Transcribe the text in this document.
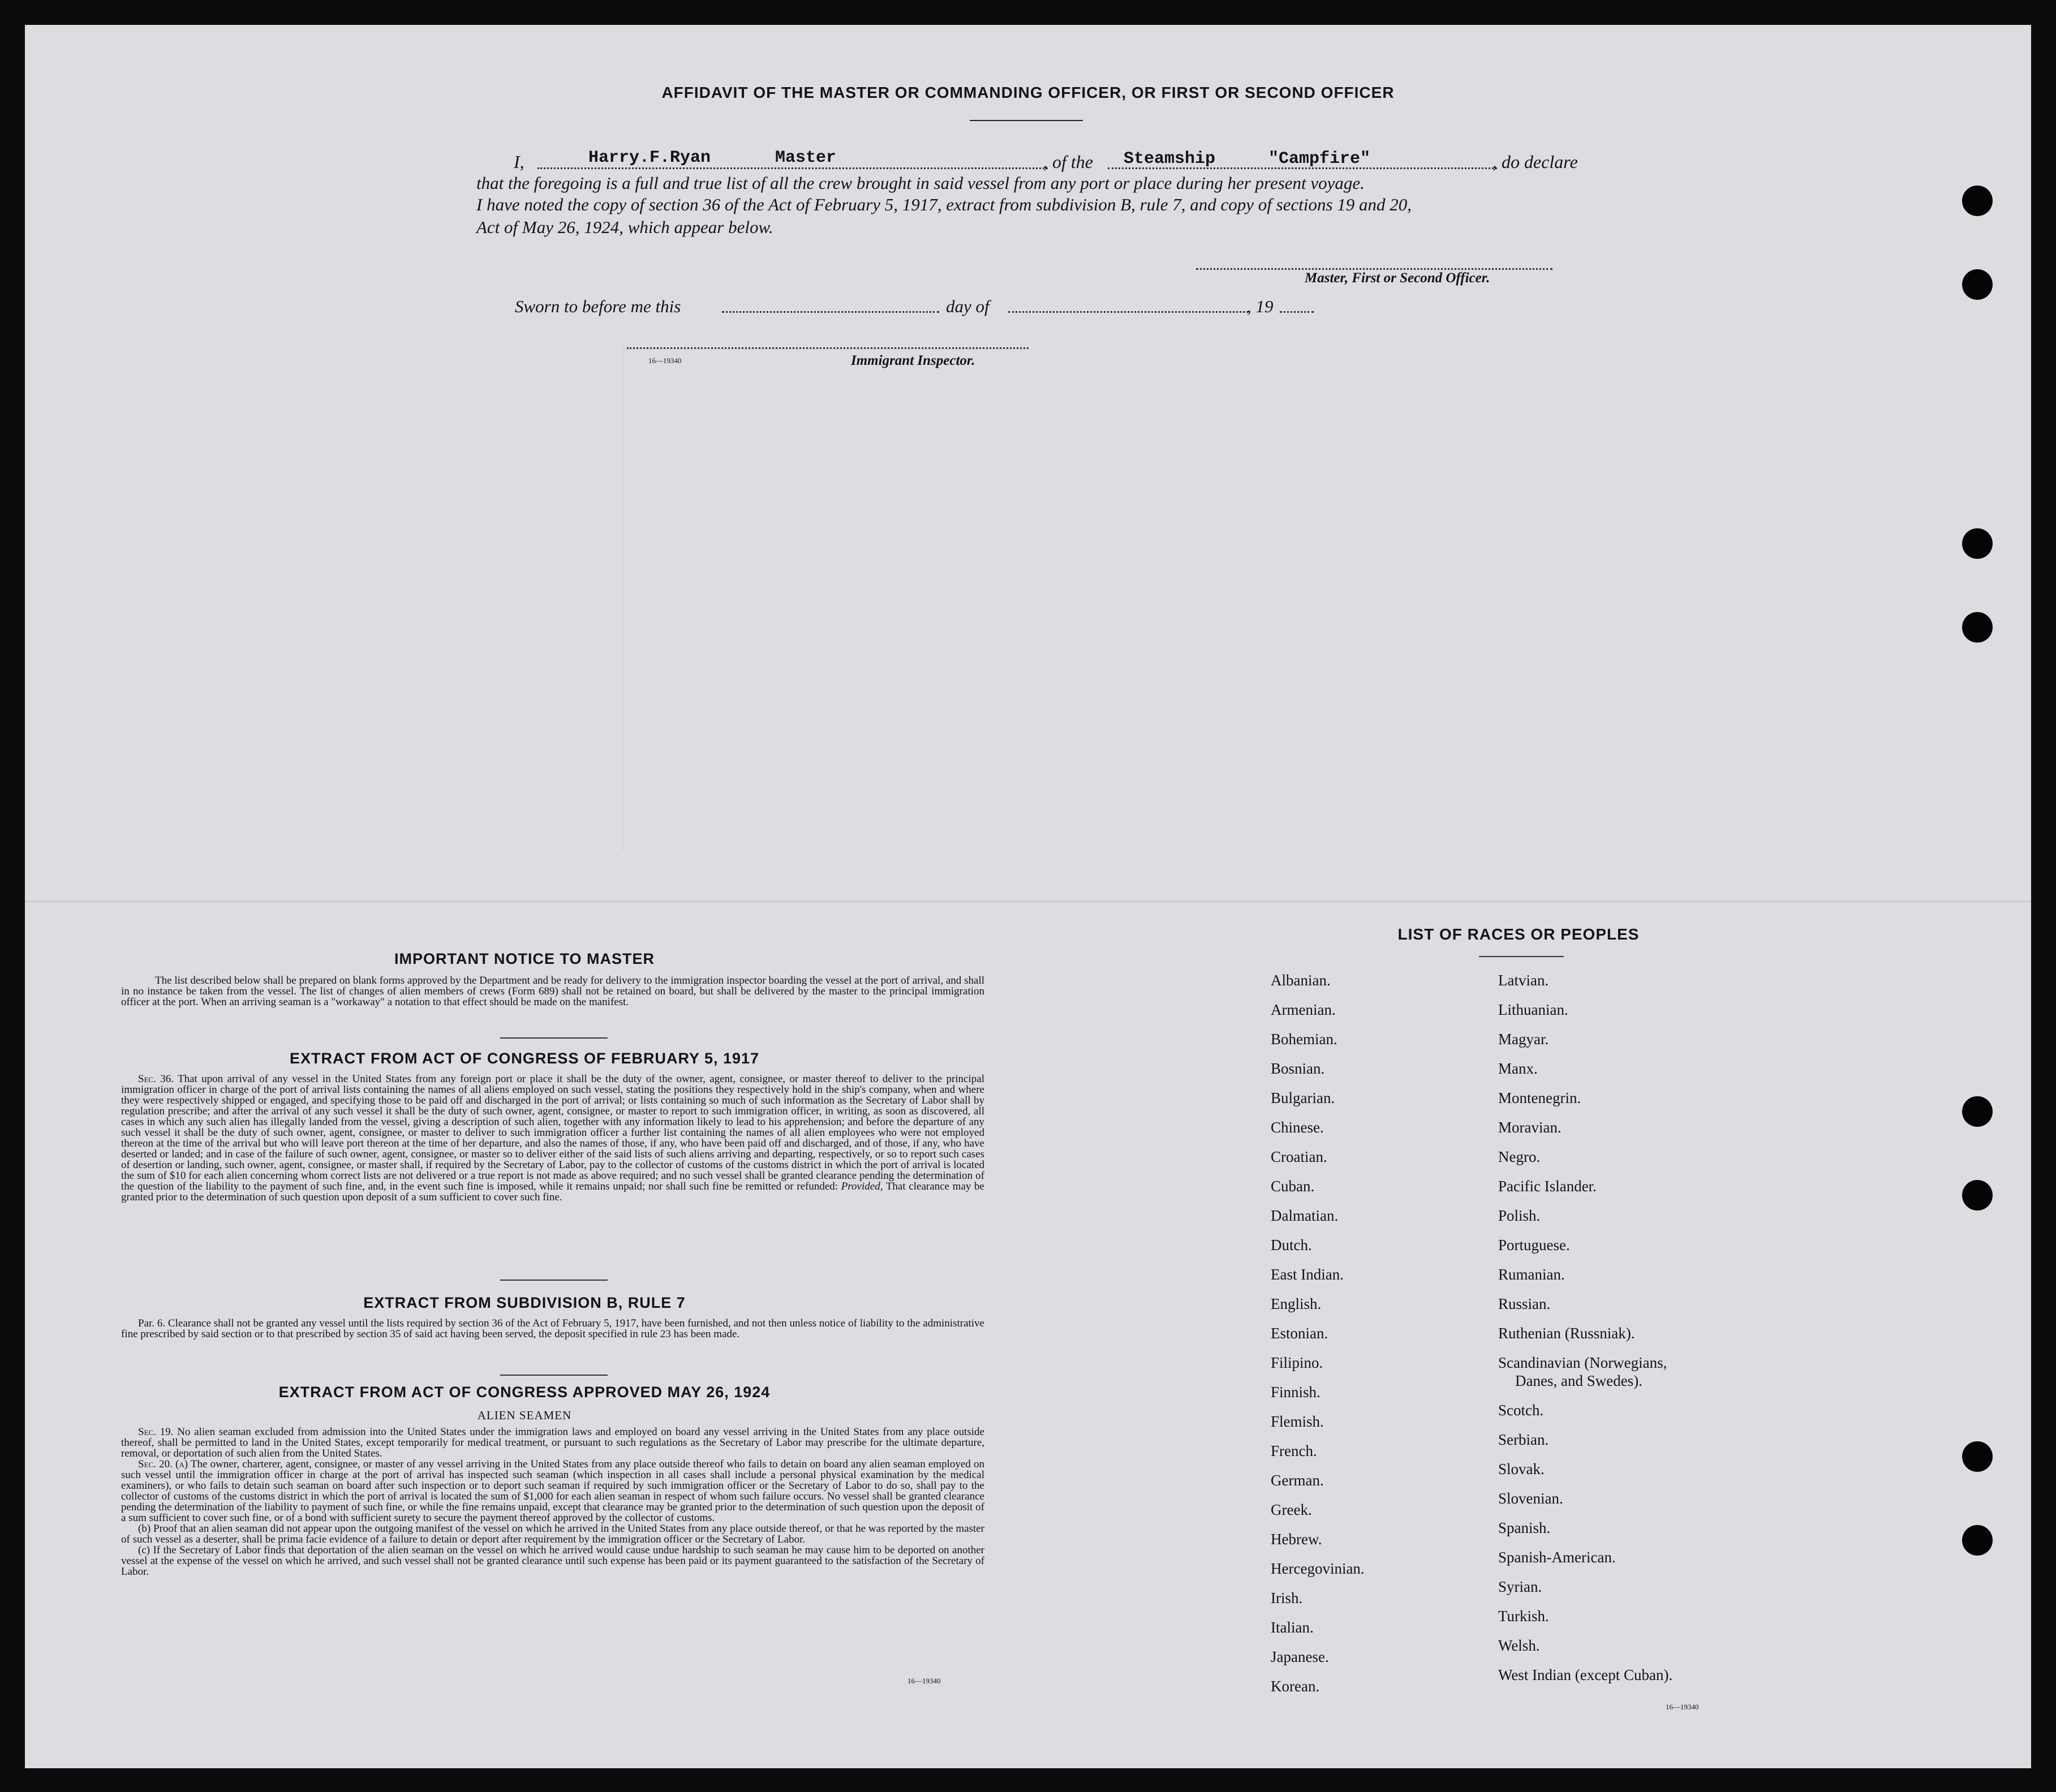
AFFIDAVIT OF THE MASTER OR COMMANDING OFFICER, OR FIRST OR SECOND OFFICER
I,	Harry.F.Ryan	Master	, of the Steamship	"Campfire"	, do declare
that the foregoing is a full and true list of all the crew brought in said vessel from any port or place during her present voyage.
I have noted the copy of section 36 of the Act of February 5, 1917, extract from subdivision B, rule 7, and copy of sections 19 and 20,
Act of May 26, 1924, which appear below.
Master, First or Second Officer.
Sworn to before me this	day of	, 19
16—19340	Immigrant Inspector.
IMPORTANT NOTICE TO MASTER
The list described below shall be prepared on blank forms approved by the Department and be ready for delivery to the immigration inspector boarding the vessel at the port of arrival, and shall in no instance be taken from the vessel. The list of changes of alien members of crews (Form 689) shall not be retained on board, but shall be delivered by the master to the principal immigration officer at the port. When an arriving seaman is a "workaway" a notation to that effect should be made on the manifest.
EXTRACT FROM ACT OF CONGRESS OF FEBRUARY 5, 1917
Sec. 36. That upon arrival of any vessel in the United States from any foreign port or place it shall be the duty of the owner, agent, consignee, or master thereof to deliver to the principal immigration officer in charge of the port of arrival lists containing the names of all aliens employed on such vessel, stating the positions they respectively hold in the ship's company, when and where they were respectively shipped or engaged, and specifying those to be paid off and discharged in the port of arrival; or lists containing so much of such information as the Secretary of Labor shall by regulation prescribe; and after the arrival of any such vessel it shall be the duty of such owner, agent, consignee, or master to report to such immigration officer, in writing, as soon as discovered, all cases in which any such alien has illegally landed from the vessel, giving a description of such alien, together with any information likely to lead to his apprehension; and before the departure of any such vessel it shall be the duty of such owner, agent, consignee, or master to deliver to such immigration officer a further list containing the names of all alien employees who were not employed thereon at the time of the arrival but who will leave port thereon at the time of her departure, and also the names of those, if any, who have been paid off and discharged, and of those, if any, who have deserted or landed; and in case of the failure of such owner, agent, consignee, or master so to deliver either of the said lists of such aliens arriving and departing, respectively, or so to report such cases of desertion or landing, such owner, agent, consignee, or master shall, if required by the Secretary of Labor, pay to the collector of customs of the customs district in which the port of arrival is located the sum of $10 for each alien concerning whom correct lists are not delivered or a true report is not made as above required; and no such vessel shall be granted clearance pending the determination of the question of the liability to the payment of such fine, and, in the event such fine is imposed, while it remains unpaid; nor shall such fine be remitted or refunded: Provided, That clearance may be granted prior to the determination of such question upon deposit of a sum sufficient to cover such fine.
EXTRACT FROM SUBDIVISION B, RULE 7
Par. 6. Clearance shall not be granted any vessel until the lists required by section 36 of the Act of February 5, 1917, have been furnished, and not then unless notice of liability to the administrative fine prescribed by said section or to that prescribed by section 35 of said act having been served, the deposit specified in rule 23 has been made.
EXTRACT FROM ACT OF CONGRESS APPROVED MAY 26, 1924
ALIEN SEAMEN
Sec. 19. No alien seaman excluded from admission into the United States under the immigration laws and employed on board any vessel arriving in the United States from any place outside thereof, shall be permitted to land in the United States, except temporarily for medical treatment, or pursuant to such regulations as the Secretary of Labor may prescribe for the ultimate departure, removal, or deportation of such alien from the United States.
Sec. 20. (a) The owner, charterer, agent, consignee, or master of any vessel arriving in the United States from any place outside thereof who fails to detain on board any alien seaman employed on such vessel until the immigration officer in charge at the port of arrival has inspected such seaman (which inspection in all cases shall include a personal physical examination by the medical examiners), or who fails to detain such seaman on board after such inspection or to deport such seaman if required by such immigration officer or the Secretary of Labor to do so, shall pay to the collector of customs of the customs district in which the port of arrival is located the sum of $1,000 for each alien seaman in respect of whom such failure occurs. No vessel shall be granted clearance pending the determination of the liability to payment of such fine, or while the fine remains unpaid, except that clearance may be granted prior to the determination of such question upon the deposit of a sum sufficient to cover such fine, or of a bond with sufficient surety to secure the payment thereof approved by the collector of customs.
(b) Proof that an alien seaman did not appear upon the outgoing manifest of the vessel on which he arrived in the United States from any place outside thereof, or that he was reported by the master of such vessel as a deserter, shall be prima facie evidence of a failure to detain or deport after requirement by the immigration officer or the Secretary of Labor.
(c) If the Secretary of Labor finds that deportation of the alien seaman on the vessel on which he arrived would cause undue hardship to such seaman he may cause him to be deported on another vessel at the expense of the vessel on which he arrived, and such vessel shall not be granted clearance until such expense has been paid or its payment guaranteed to the satisfaction of the Secretary of Labor.
16—19340
LIST OF RACES OR PEOPLES
Albanian.
Armenian.
Bohemian.
Bosnian.
Bulgarian.
Chinese.
Croatian.
Cuban.
Dalmatian.
Dutch.
East Indian.
English.
Estonian.
Filipino.
Finnish.
Flemish.
French.
German.
Greek.
Hebrew.
Hercegovinian.
Irish.
Italian.
Japanese.
Korean.
Latvian.
Lithuanian.
Magyar.
Manx.
Montenegrin.
Moravian.
Negro.
Pacific Islander.
Polish.
Portuguese.
Rumanian.
Russian.
Ruthenian (Russniak).
Scandinavian (Norwegians,
Danes, and Swedes).
Scotch.
Serbian.
Slovak.
Slovenian.
Spanish.
Spanish-American.
Syrian.
Turkish.
Welsh.
West Indian (except Cuban).
16—19340
